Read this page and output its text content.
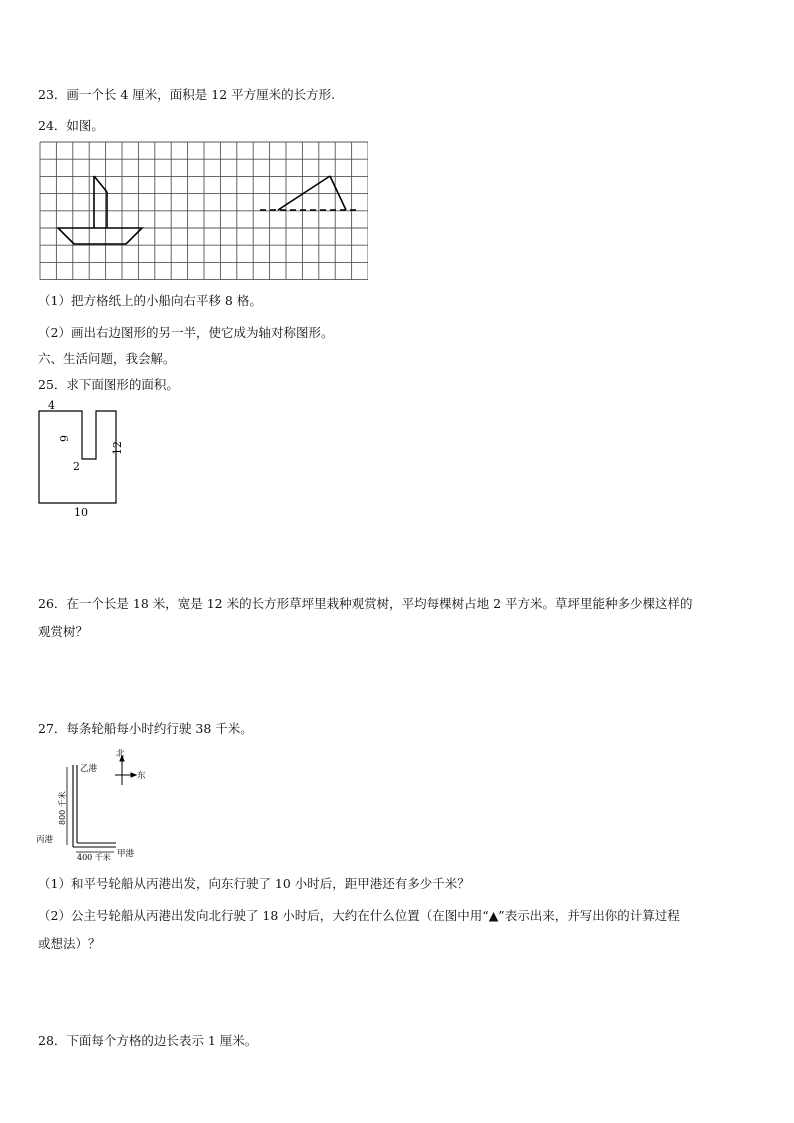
23．画一个长 4 厘米，面积是 12 平方厘米的长方形.
24．如图。
（1）把方格纸上的小船向右平移 8 格。
（2）画出右边图形的另一半，使它成为轴对称图形。
六、生活问题，我会解。
25．求下面图形的面积。
4
6
2
12
10
26．在一个长是 18 米，宽是 12 米的长方形草坪里栽种观赏树，平均每棵树占地 2 平方米。草坪里能种多少棵这样的
观赏树？
27．每条轮船每小时约行驶 38 千米。
北
东
乙港
丙港
甲港
800 千米
400 千米
（1）和平号轮船从丙港出发，向东行驶了 10 小时后，距甲港还有多少千米？
（2）公主号轮船从丙港出发向北行驶了 18 小时后，大约在什么位置（在图中用“▲”表示出来，并写出你的计算过程
或想法）？
28．下面每个方格的边长表示 1 厘米。
